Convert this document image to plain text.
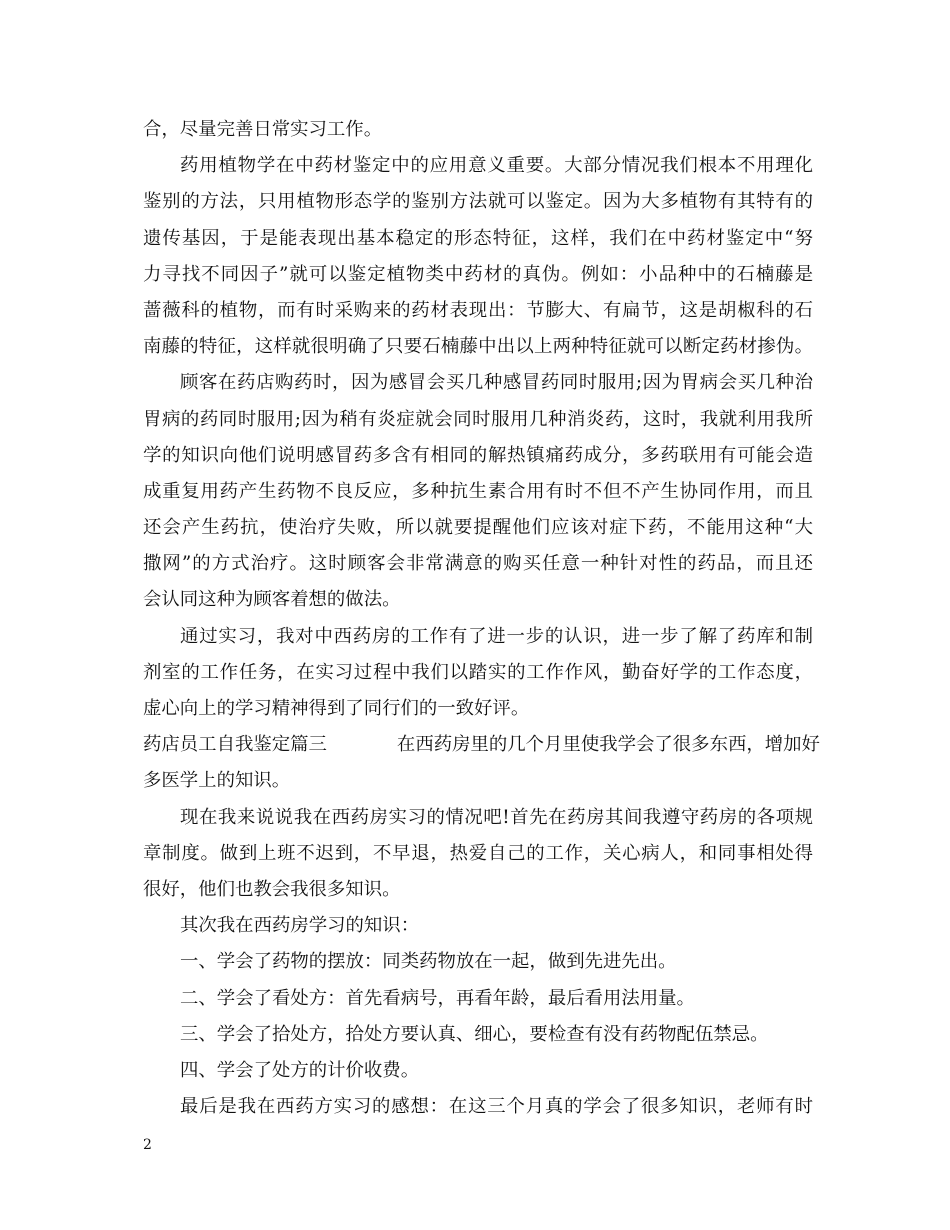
合，尽量完善日常实习工作。
药用植物学在中药材鉴定中的应用意义重要。大部分情况我们根本不用理化
鉴别的方法，只用植物形态学的鉴别方法就可以鉴定。因为大多植物有其特有的
遗传基因，于是能表现出基本稳定的形态特征，这样，我们在中药材鉴定中“努
力寻找不同因子”就可以鉴定植物类中药材的真伪。例如：小品种中的石楠藤是
蔷薇科的植物，而有时采购来的药材表现出：节膨大、有扁节，这是胡椒科的石
南藤的特征，这样就很明确了只要石楠藤中出以上两种特征就可以断定药材掺伪。
顾客在药店购药时，因为感冒会买几种感冒药同时服用;因为胃病会买几种治
胃病的药同时服用;因为稍有炎症就会同时服用几种消炎药，这时，我就利用我所
学的知识向他们说明感冒药多含有相同的解热镇痛药成分，多药联用有可能会造
成重复用药产生药物不良反应，多种抗生素合用有时不但不产生协同作用，而且
还会产生药抗，使治疗失败，所以就要提醒他们应该对症下药，不能用这种“大
撒网”的方式治疗。这时顾客会非常满意的购买任意一种针对性的药品，而且还
会认同这种为顾客着想的做法。
通过实习，我对中西药房的工作有了进一步的认识，进一步了解了药库和制
剂室的工作任务，在实习过程中我们以踏实的工作作风，勤奋好学的工作态度，
虚心向上的学习精神得到了同行们的一致好评。
药店员工自我鉴定篇三	在西药房里的几个月里使我学会了很多东西，增加好
多医学上的知识。
现在我来说说我在西药房实习的情况吧!首先在药房其间我遵守药房的各项规
章制度。做到上班不迟到，不早退，热爱自己的工作，关心病人，和同事相处得
很好，他们也教会我很多知识。
其次我在西药房学习的知识：
一、学会了药物的摆放：同类药物放在一起，做到先进先出。
二、学会了看处方：首先看病号，再看年龄，最后看用法用量。
三、学会了拾处方，拾处方要认真、细心，要检查有没有药物配伍禁忌。
四、学会了处方的计价收费。
最后是我在西药方实习的感想：在这三个月真的学会了很多知识，老师有时
2
